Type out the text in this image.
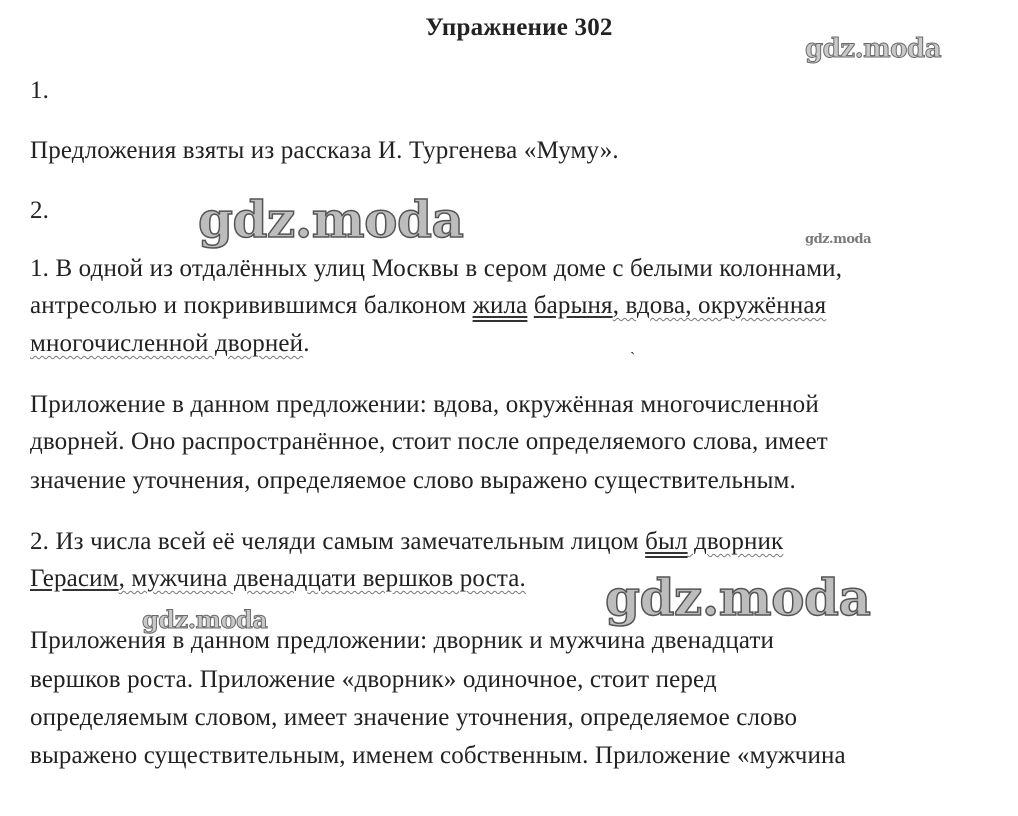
Упражнение 302
1.
Предложения взяты из рассказа И. Тургенева «Муму».
2.
1. В одной из отдалённых улиц Москвы в сером доме с белыми колоннами,
антресолью и покривившимся балконом жила барыня, вдова, окружённая
многочисленной дворней.
Приложение в данном предложении: вдова, окружённая многочисленной
дворней. Оно распространённое, стоит после определяемого слова, имеет
значение уточнения, определяемое слово выражено существительным.
2. Из числа всей её челяди самым замечательным лицом был дворник
Герасим, мужчина двенадцати вершков роста.
Приложения в данном предложении: дворник и мужчина двенадцати
вершков роста. Приложение «дворник» одиночное, стоит перед
определяемым словом, имеет значение уточнения, определяемое слово
выражено существительным, именем собственным. Приложение «мужчина
`
gdz.moda
gdz.moda	gdz.moda
gdz.moda
gdz.moda
